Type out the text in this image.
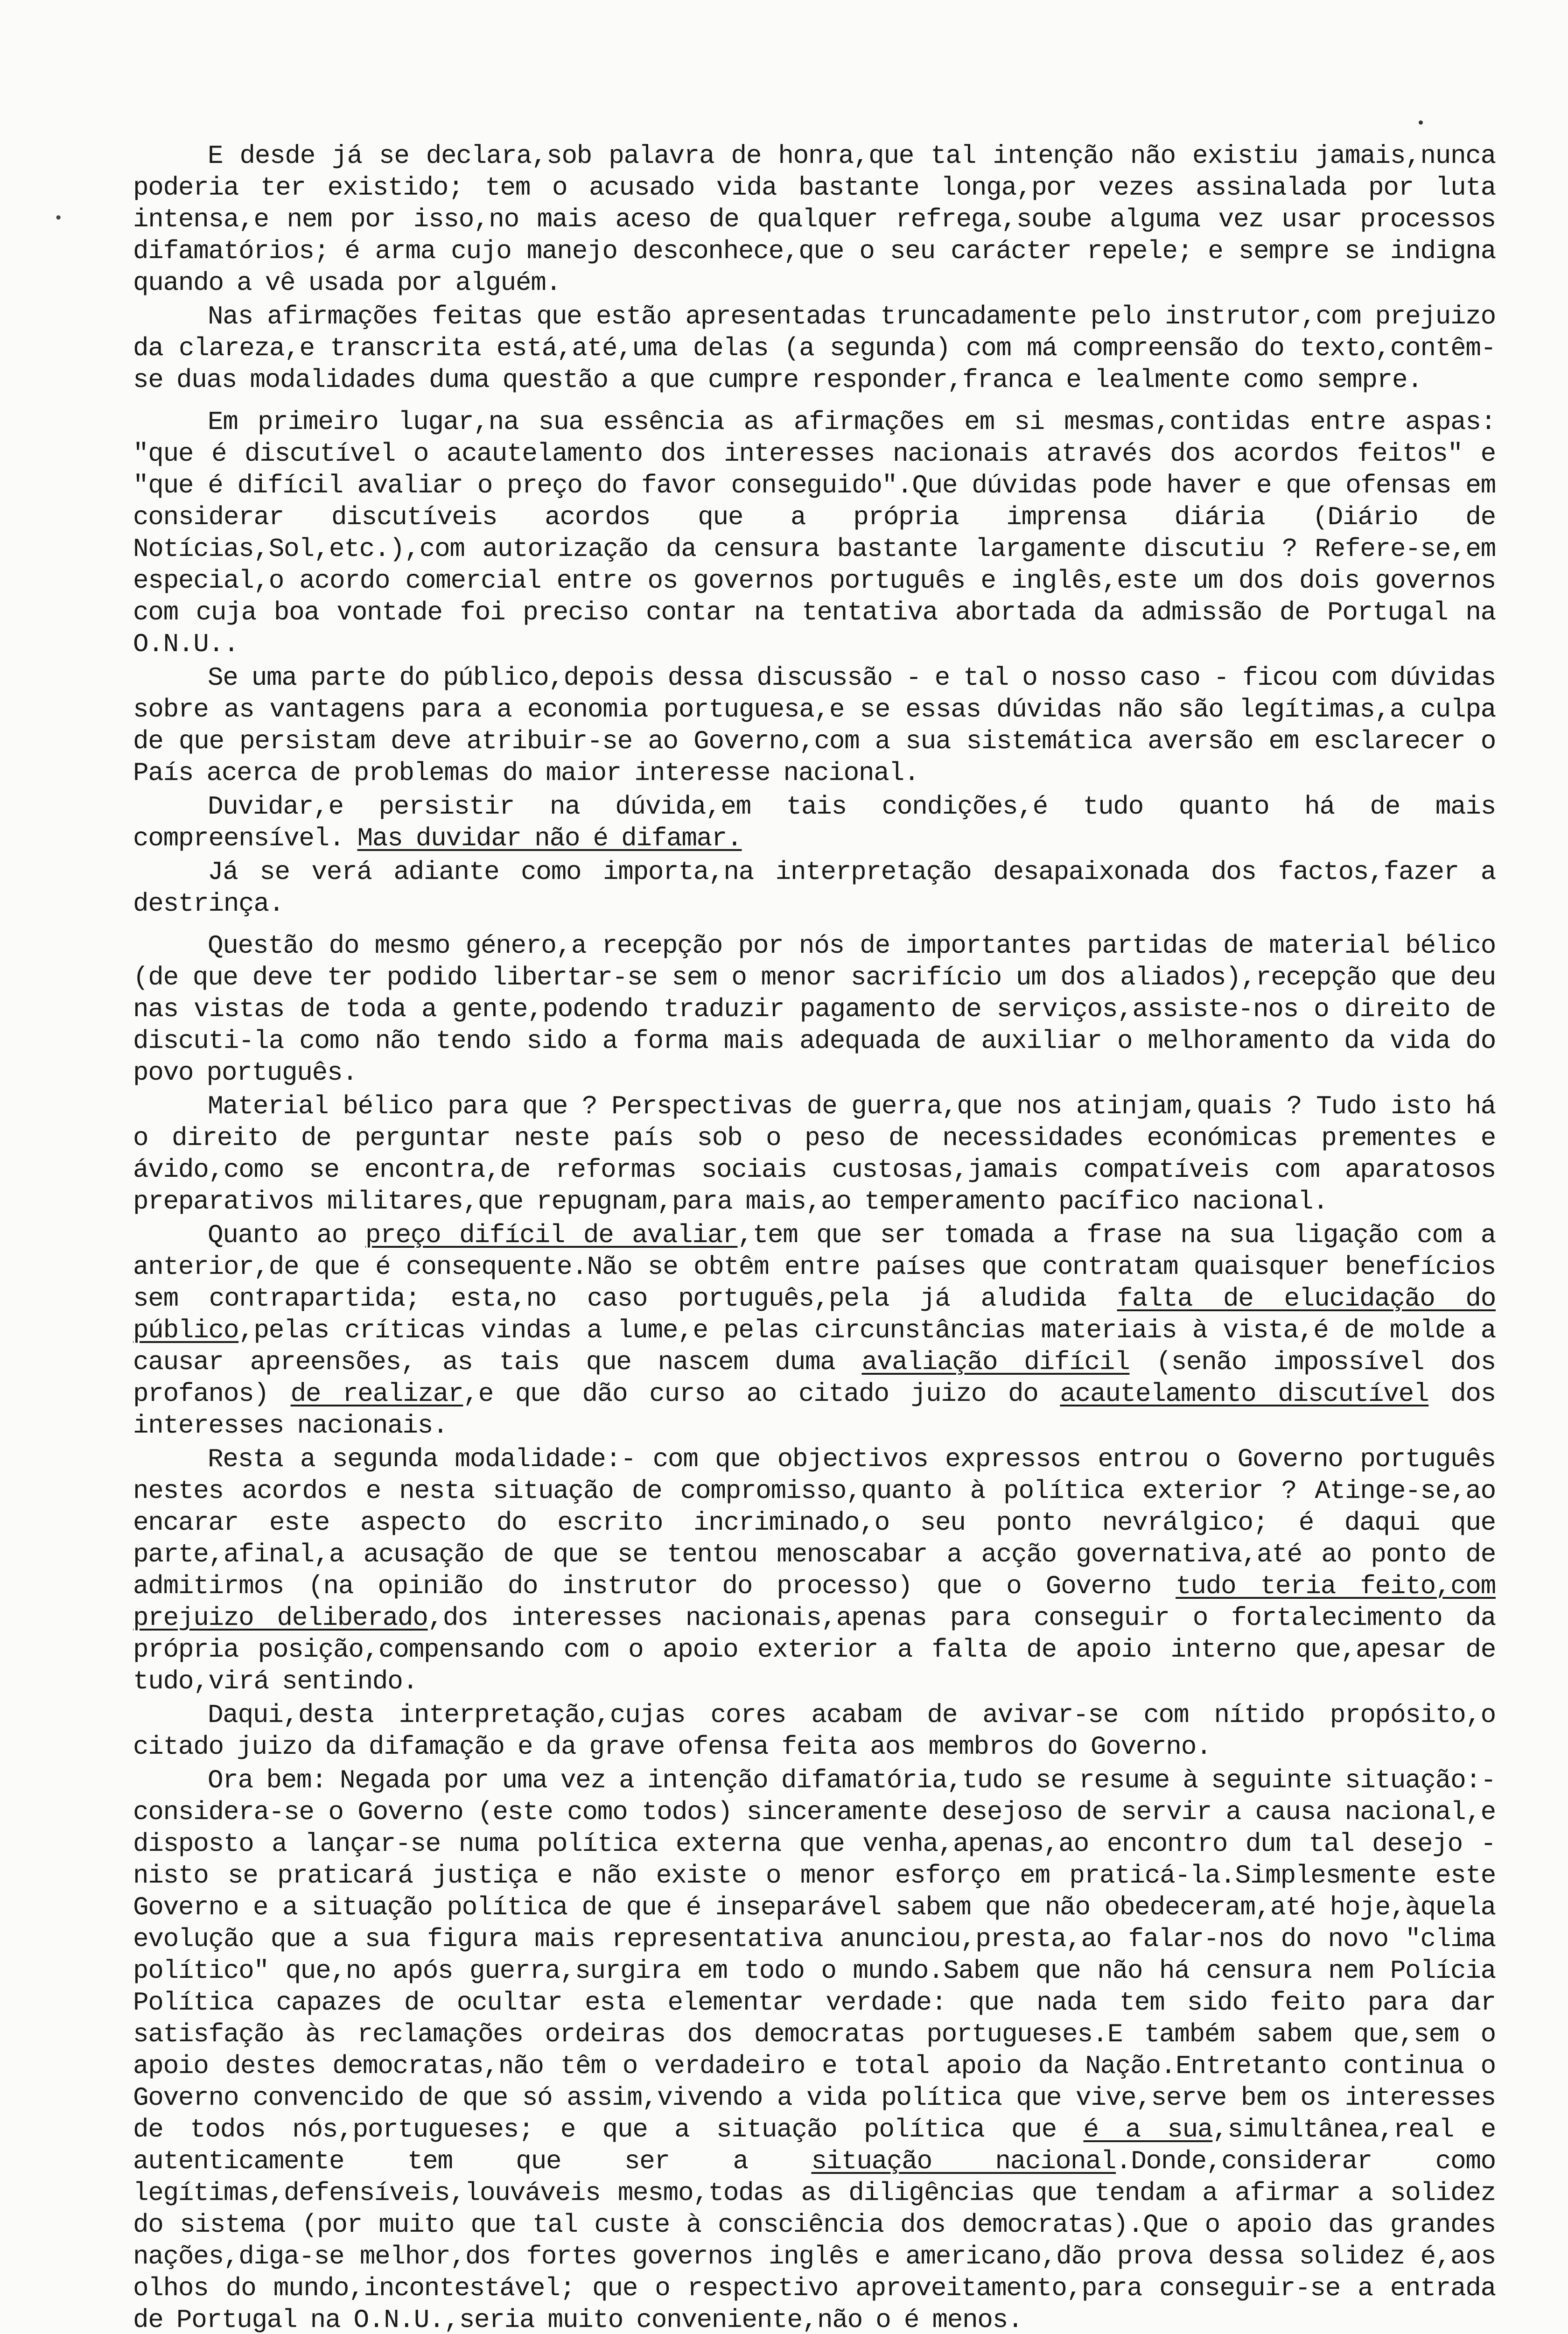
•

E desde já se declara,sob palavra de honra,que tal intenção não existiu jamais,nunca poderia ter existido; tem o acusado vida bastante longa,por vezes assinalada por luta intensa,e nem por isso,no mais aceso de qualquer refrega,soube alguma vez usar processos difamatórios; é arma cujo manejo desconhece,que o seu carácter repele; e sempre se indigna quando a vê usada por alguém.

Nas afirmações feitas que estão apresentadas truncadamente pelo instrutor,com prejuizo da clareza,e transcrita está,até,uma delas (a segunda) com má compreensão do texto,contêm-se duas modalidades duma questão a que cumpre responder,franca e lealmente como sempre.

Em primeiro lugar,na sua essência as afirmações em si mesmas,contidas entre aspas: "que é discutível o acautelamento dos interesses nacionais através dos acordos feitos" e "que é difícil avaliar o preço do favor conseguido".Que dúvidas pode haver e que ofensas em considerar discutíveis acordos que a própria imprensa diária (Diário de Notícias,Sol,etc.),com autorização da censura bastante largamente discutiu ? Refere-se,em especial,o acordo comercial entre os governos português e inglês,este um dos dois governos com cuja boa vontade foi preciso contar na tentativa abortada da admissão de Portugal na O.N.U..

Se uma parte do público,depois dessa discussão - e tal o nosso caso - ficou com dúvidas sobre as vantagens para a economia portuguesa,e se essas dúvidas não são legítimas,a culpa de que persistam deve atribuir-se ao Governo,com a sua sistemática aversão em esclarecer o País acerca de problemas do maior interesse nacional.

Duvidar,e persistir na dúvida,em tais condições,é tudo quanto há de mais compreensível. Mas duvidar não é difamar.

Já se verá adiante como importa,na interpretação desapaixonada dos factos,fazer a destrinça.

Questão do mesmo género,a recepção por nós de importantes partidas de material bélico (de que deve ter podido libertar-se sem o menor sacrifício um dos aliados),recepção que deu nas vistas de toda a gente,podendo traduzir pagamento de serviços,assiste-nos o direito de discuti-la como não tendo sido a forma mais adequada de auxiliar o melhoramento da vida do povo português.

Material bélico para que ? Perspectivas de guerra,que nos atinjam,quais ? Tudo isto há o direito de perguntar neste país sob o peso de necessidades económicas prementes e ávido,como se encontra,de reformas sociais custosas,jamais compatíveis com aparatosos preparativos militares,que repugnam,para mais,ao temperamento pacífico nacional.

Quanto ao preço difícil de avaliar,tem que ser tomada a frase na sua ligação com a anterior,de que é consequente.Não se obtêm entre países que contratam quaisquer benefícios sem contrapartida; esta,no caso português,pela já aludida falta de elucidação do público,pelas críticas vindas a lume,e pelas circunstâncias materiais à vista,é de molde a causar apreensões, as tais que nascem duma avaliação difícil (senão impossível dos profanos) de realizar,e que dão curso ao citado juizo do acautelamento discutível dos interesses nacionais.

Resta a segunda modalidade:- com que objectivos expressos entrou o Governo português nestes acordos e nesta situação de compromisso,quanto à política exterior ? Atinge-se,ao encarar este aspecto do escrito incriminado,o seu ponto nevrálgico; é daqui que parte,afinal,a acusação de que se tentou menoscabar a acção governativa,até ao ponto de admitirmos (na opinião do instrutor do processo) que o Governo tudo teria feito,com prejuizo deliberado,dos interesses nacionais,apenas para conseguir o fortalecimento da própria posição,compensando com o apoio exterior a falta de apoio interno que,apesar de tudo,virá sentindo.

Daqui,desta interpretação,cujas cores acabam de avivar-se com nítido propósito,o citado juizo da difamação e da grave ofensa feita aos membros do Governo.

Ora bem: Negada por uma vez a intenção difamatória,tudo se resume à seguinte situação:- considera-se o Governo (este como todos) sinceramente desejoso de servir a causa nacional,e disposto a lançar-se numa política externa que venha,apenas,ao encontro dum tal desejo -nisto se praticará justiça e não existe o menor esforço em praticá-la.Simplesmente este Governo e a situação política de que é inseparável sabem que não obedeceram,até hoje,àquela evolução que a sua figura mais representativa anunciou,presta,ao falar-nos do novo "clima político" que,no após guerra,surgira em todo o mundo.Sabem que não há censura nem Polícia Política capazes de ocultar esta elementar verdade: que nada tem sido feito para dar satisfação às reclamações ordeiras dos democratas portugueses.E também sabem que,sem o apoio destes democratas,não têm o verdadeiro e total apoio da Nação.Entretanto continua o Governo convencido de que só assim,vivendo a vida política que vive,serve bem os interesses de todos nós,portugueses; e que a situação política que é a sua,simultânea,real e autenticamente tem que ser a situação nacional.Donde,considerar como legítimas,defensíveis,louváveis mesmo,todas as diligências que tendam a afirmar a solidez do sistema (por muito que tal custe à consciência dos democratas).Que o apoio das grandes nações,diga-se melhor,dos fortes governos inglês e americano,dão prova dessa solidez é,aos olhos do mundo,incontestável; que o respectivo aproveitamento,para conseguir-se a entrada de Portugal na O.N.U.,seria muito conveniente,não o é menos.
